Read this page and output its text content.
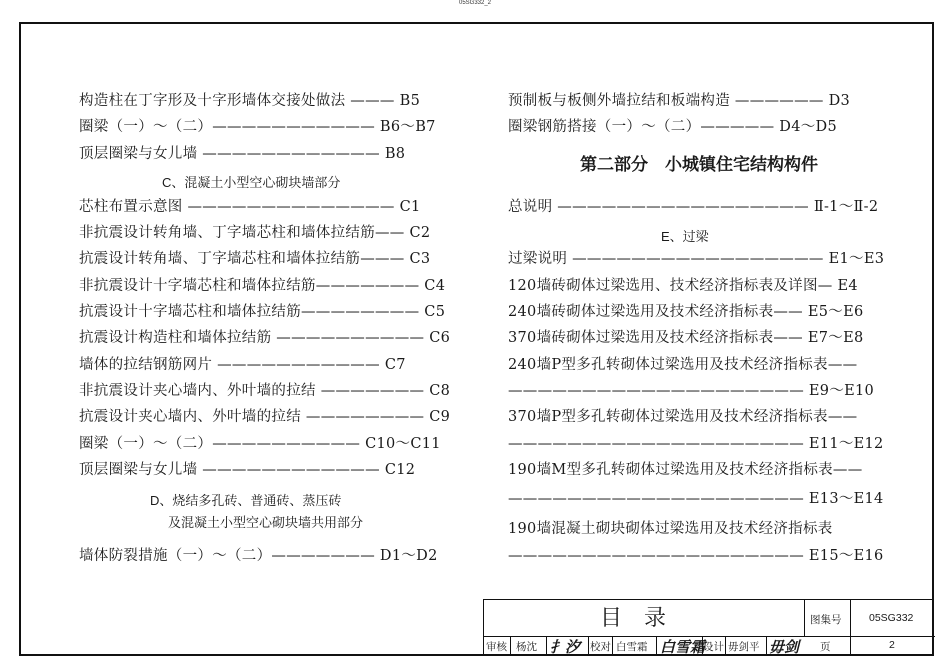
05SG332_2
构造柱在丁字形及十字形墙体交接处做法 ——— B5
圈梁（一）～（二）——————————— B6～B7
顶层圈梁与女儿墙 ———————————— B8
芯柱布置示意图 —————————————— C1
非抗震设计转角墙、丁字墙芯柱和墙体拉结筋—— C2
抗震设计转角墙、丁字墙芯柱和墙体拉结筋——— C3
非抗震设计十字墙芯柱和墙体拉结筋——————— C4
抗震设计十字墙芯柱和墙体拉结筋———————— C5
抗震设计构造柱和墙体拉结筋 —————————— C6
墙体的拉结钢筋网片 ——————————— C7
非抗震设计夹心墙内、外叶墙的拉结 ——————— C8
抗震设计夹心墙内、外叶墙的拉结 ———————— C9
圈梁（一）～（二）—————————— C10～C11
顶层圈梁与女儿墙 ———————————— C12
墙体防裂措施（一）～（二）——————— D1～D2
C、混凝土小型空心砌块墙部分
D、烧结多孔砖、普通砖、蒸压砖
及混凝土小型空心砌块墙共用部分
预制板与板侧外墙拉结和板端构造 —————— D3
圈梁钢筋搭接（一）～（二）————— D4～D5
总说明 ————————————————— Ⅱ-1～Ⅱ-2
过梁说明 ————————————————— E1～E3
120墙砖砌体过梁选用、技术经济指标表及详图— E4
240墙砖砌体过梁选用及技术经济指标表—— E5～E6
370墙砖砌体过梁选用及技术经济指标表—— E7～E8
240墙P型多孔转砌体过梁选用及技术经济指标表——
———————————————————— E9～E10
370墙P型多孔转砌体过梁选用及技术经济指标表——
———————————————————— E11～E12
190墙M型多孔转砌体过梁选用及技术经济指标表——
———————————————————— E13～E14
190墙混凝土砌块砌体过梁选用及技术经济指标表
———————————————————— E15～E16
第二部分　小城镇住宅结构构件
E、过梁
目录	图集号	05SG332
审核 杨沈 扌汐 校对 白雪霜 白雪霜
设计 毋剑平 毋剑 页	2
